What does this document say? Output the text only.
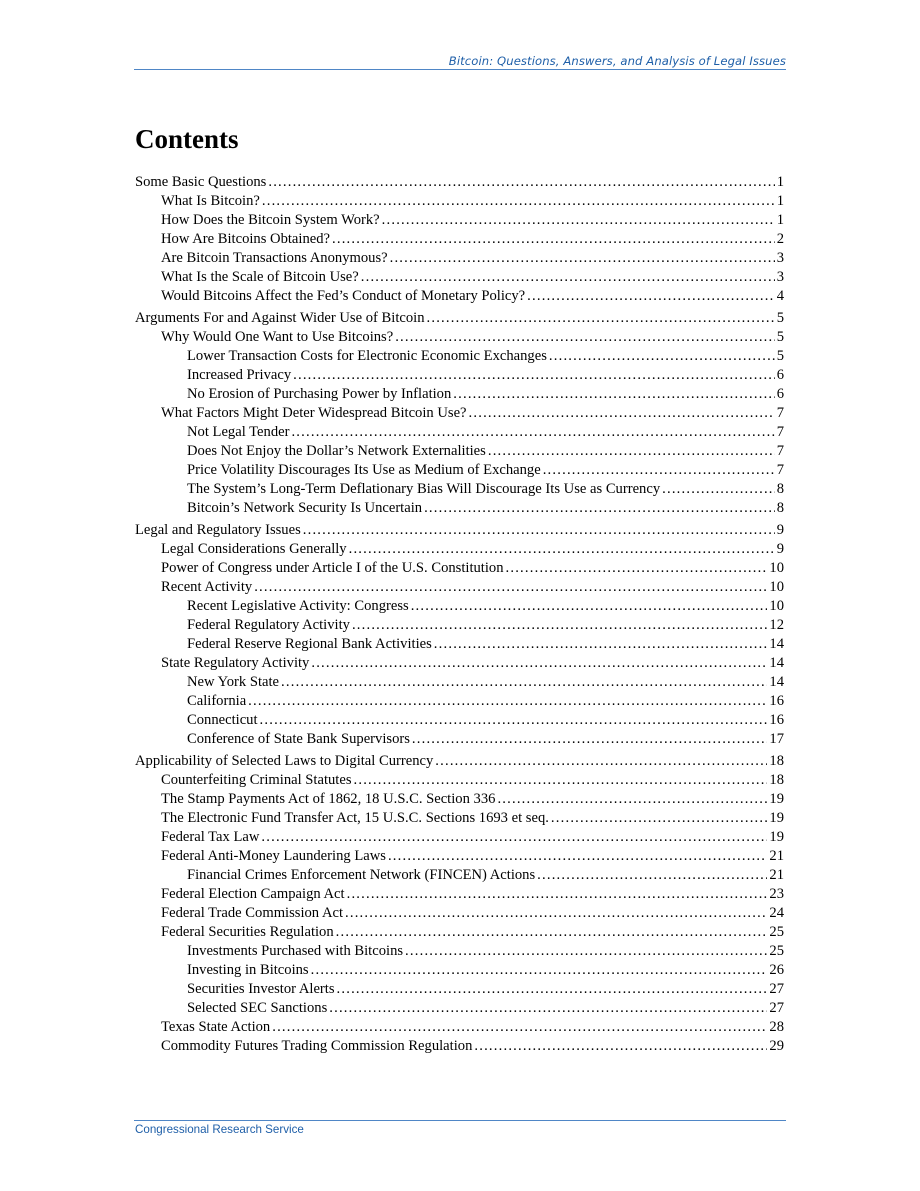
Bitcoin: Questions, Answers, and Analysis of Legal Issues
Contents
Some Basic Questions .....	1
What Is Bitcoin? .....	1
How Does the Bitcoin System Work? .....	1
How Are Bitcoins Obtained? .....	2
Are Bitcoin Transactions Anonymous? .....	3
What Is the Scale of Bitcoin Use? .....	3
Would Bitcoins Affect the Fed’s Conduct of Monetary Policy? .....	4
Arguments For and Against Wider Use of Bitcoin .....	5
Why Would One Want to Use Bitcoins? .....	5
Lower Transaction Costs for Electronic Economic Exchanges .....	5
Increased Privacy .....	6
No Erosion of Purchasing Power by Inflation .....	6
What Factors Might Deter Widespread Bitcoin Use? .....	7
Not Legal Tender .....	7
Does Not Enjoy the Dollar’s Network Externalities .....	7
Price Volatility Discourages Its Use as Medium of Exchange .....	7
The System’s Long-Term Deflationary Bias Will Discourage Its Use as Currency .....	8
Bitcoin’s Network Security Is Uncertain .....	8
Legal and Regulatory Issues .....	9
Legal Considerations Generally .....	9
Power of Congress under Article I of the U.S. Constitution .....	10
Recent Activity .....	10
Recent Legislative Activity: Congress .....	10
Federal Regulatory Activity .....	12
Federal Reserve Regional Bank Activities .....	14
State Regulatory Activity .....	14
New York State .....	14
California .....	16
Connecticut .....	16
Conference of State Bank Supervisors .....	17
Applicability of Selected Laws to Digital Currency .....	18
Counterfeiting Criminal Statutes .....	18
The Stamp Payments Act of 1862, 18 U.S.C. Section 336 .....	19
The Electronic Fund Transfer Act, 15 U.S.C. Sections 1693 et seq. .....	19
Federal Tax Law .....	19
Federal Anti-Money Laundering Laws .....	21
Financial Crimes Enforcement Network (FINCEN) Actions .....	21
Federal Election Campaign Act .....	23
Federal Trade Commission Act .....	24
Federal Securities Regulation .....	25
Investments Purchased with Bitcoins .....	25
Investing in Bitcoins .....	26
Securities Investor Alerts .....	27
Selected SEC Sanctions .....	27
Texas State Action .....	28
Commodity Futures Trading Commission Regulation .....	29
Congressional Research Service
